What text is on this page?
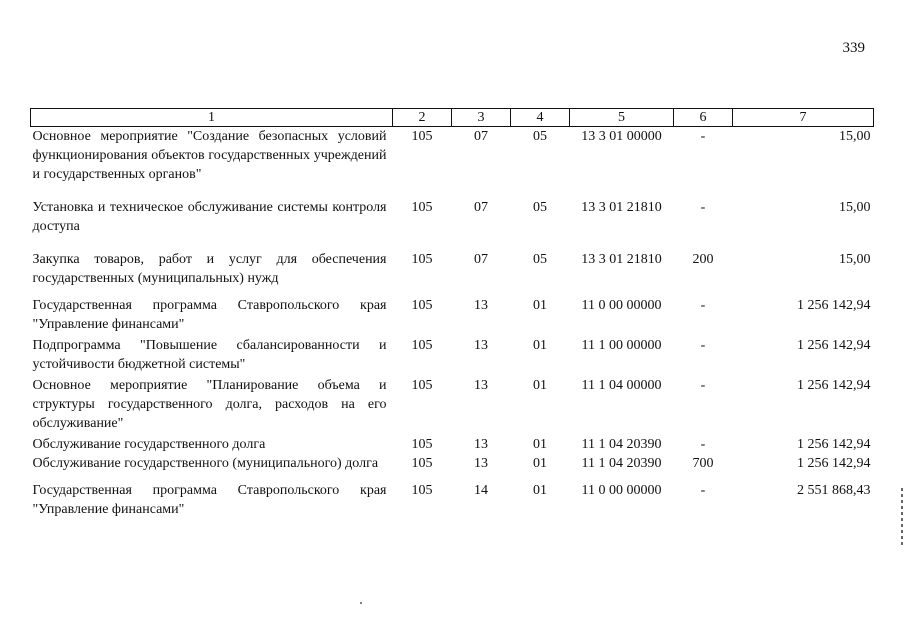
339
1	2	3	4	5	6	7
Основное мероприятие "Создание безопасных условий функционирования объектов государственных учреждений и государственных органов"	105	07	05	13 3 01 00000	-	15,00
Установка и техническое обслуживание системы контроля доступа	105	07	05	13 3 01 21810	-	15,00
Закупка товаров, работ и услуг для обеспечения государственных (муниципальных) нужд	105	07	05	13 3 01 21810	200	15,00
Государственная программа Ставропольского края "Управление финансами"	105	13	01	11 0 00 00000	-	1 256 142,94
Подпрограмма "Повышение сбалансированности и устойчивости бюджетной системы"	105	13	01	11 1 00 00000	-	1 256 142,94
Основное мероприятие "Планирование объема и структуры государственного долга, расходов на его обслуживание"	105	13	01	11 1 04 00000	-	1 256 142,94
Обслуживание государственного долга	105	13	01	11 1 04 20390	-	1 256 142,94
Обслуживание государственного (муниципального) долга	105	13	01	11 1 04 20390	700	1 256 142,94
Государственная программа Ставропольского края "Управление финансами"	105	14	01	11 0 00 00000	-	2 551 868,43
